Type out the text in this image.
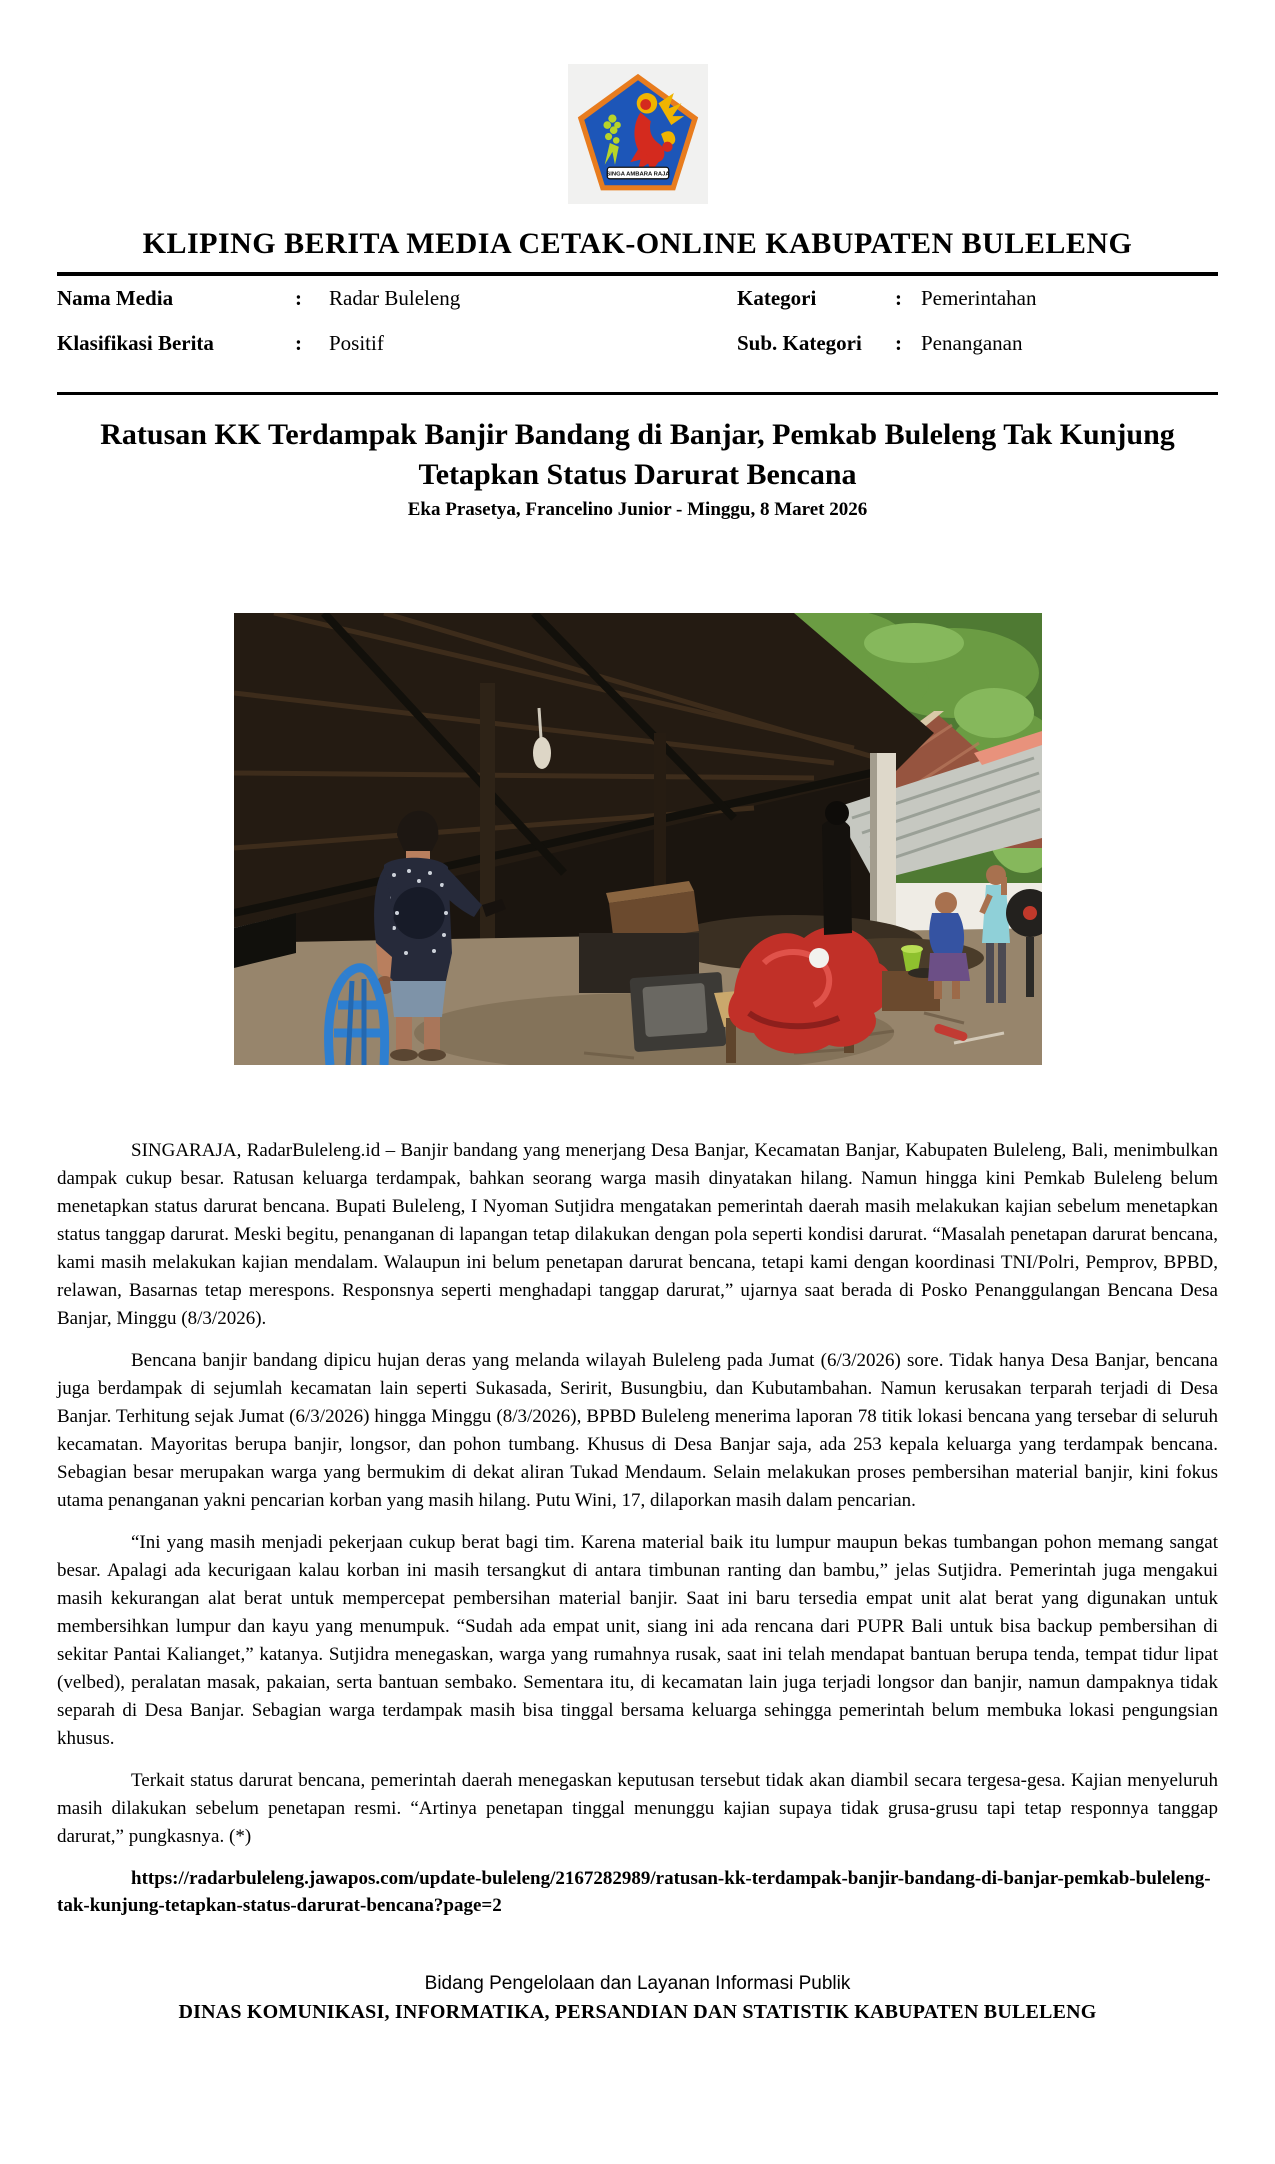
SINGA AMBARA RAJA
KLIPING BERITA MEDIA CETAK-ONLINE KABUPATEN BULELENG
Nama Media	:	Radar Buleleng	Kategori	: Pemerintahan
Klasifikasi Berita	:	Positif	Sub. Kategori	: Penanganan
Ratusan KK Terdampak Banjir Bandang di Banjar, Pemkab Buleleng Tak Kunjung Tetapkan Status Darurat Bencana
Eka Prasetya, Francelino Junior - Minggu, 8 Maret 2026

SINGARAJA, RadarBuleleng.id – Banjir bandang yang menerjang Desa Banjar, Kecamatan Banjar, Kabupaten Buleleng, Bali, menimbulkan dampak cukup besar. Ratusan keluarga terdampak, bahkan seorang warga masih dinyatakan hilang. Namun hingga kini Pemkab Buleleng belum menetapkan status darurat bencana. Bupati Buleleng, I Nyoman Sutjidra mengatakan pemerintah daerah masih melakukan kajian sebelum menetapkan status tanggap darurat. Meski begitu, penanganan di lapangan tetap dilakukan dengan pola seperti kondisi darurat. “Masalah penetapan darurat bencana, kami masih melakukan kajian mendalam. Walaupun ini belum penetapan darurat bencana, tetapi kami dengan koordinasi TNI/Polri, Pemprov, BPBD, relawan, Basarnas tetap merespons. Responsnya seperti menghadapi tanggap darurat,” ujarnya saat berada di Posko Penanggulangan Bencana Desa Banjar, Minggu (8/3/2026).

Bencana banjir bandang dipicu hujan deras yang melanda wilayah Buleleng pada Jumat (6/3/2026) sore. Tidak hanya Desa Banjar, bencana juga berdampak di sejumlah kecamatan lain seperti Sukasada, Seririt, Busungbiu, dan Kubutambahan. Namun kerusakan terparah terjadi di Desa Banjar. Terhitung sejak Jumat (6/3/2026) hingga Minggu (8/3/2026), BPBD Buleleng menerima laporan 78 titik lokasi bencana yang tersebar di seluruh kecamatan. Mayoritas berupa banjir, longsor, dan pohon tumbang. Khusus di Desa Banjar saja, ada 253 kepala keluarga yang terdampak bencana. Sebagian besar merupakan warga yang bermukim di dekat aliran Tukad Mendaum. Selain melakukan proses pembersihan material banjir, kini fokus utama penanganan yakni pencarian korban yang masih hilang. Putu Wini, 17, dilaporkan masih dalam pencarian.

“Ini yang masih menjadi pekerjaan cukup berat bagi tim. Karena material baik itu lumpur maupun bekas tumbangan pohon memang sangat besar. Apalagi ada kecurigaan kalau korban ini masih tersangkut di antara timbunan ranting dan bambu,” jelas Sutjidra. Pemerintah juga mengakui masih kekurangan alat berat untuk mempercepat pembersihan material banjir. Saat ini baru tersedia empat unit alat berat yang digunakan untuk membersihkan lumpur dan kayu yang menumpuk. “Sudah ada empat unit, siang ini ada rencana dari PUPR Bali untuk bisa backup pembersihan di sekitar Pantai Kalianget,” katanya. Sutjidra menegaskan, warga yang rumahnya rusak, saat ini telah mendapat bantuan berupa tenda, tempat tidur lipat (velbed), peralatan masak, pakaian, serta bantuan sembako. Sementara itu, di kecamatan lain juga terjadi longsor dan banjir, namun dampaknya tidak separah di Desa Banjar. Sebagian warga terdampak masih bisa tinggal bersama keluarga sehingga pemerintah belum membuka lokasi pengungsian khusus.

Terkait status darurat bencana, pemerintah daerah menegaskan keputusan tersebut tidak akan diambil secara tergesa-gesa. Kajian menyeluruh masih dilakukan sebelum penetapan resmi. “Artinya penetapan tinggal menunggu kajian supaya tidak grusa-grusu tapi tetap responnya tanggap darurat,” pungkasnya. (*)

https://radarbuleleng.jawapos.com/update-buleleng/2167282989/ratusan-kk-terdampak-banjir-bandang-di-banjar-pemkab-buleleng-tak-kunjung-tetapkan-status-darurat-bencana?page=2

Bidang Pengelolaan dan Layanan Informasi Publik

DINAS KOMUNIKASI, INFORMATIKA, PERSANDIAN DAN STATISTIK KABUPATEN BULELENG
